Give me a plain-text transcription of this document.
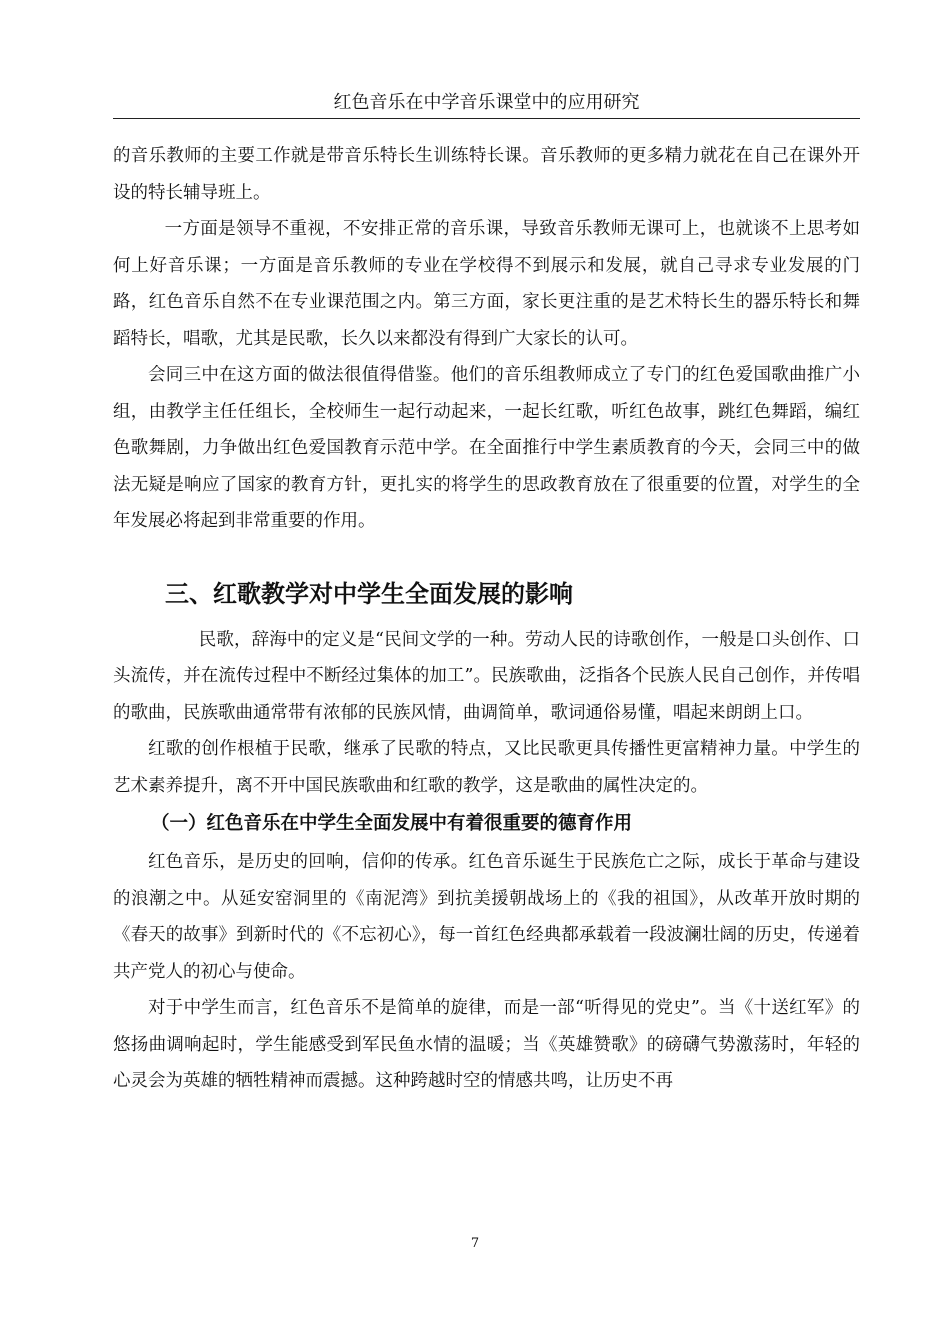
红色音乐在中学音乐课堂中的应用研究

的音乐教师的主要工作就是带音乐特长生训练特长课。音乐教师的更多精力就花在自己在课外开设的特长辅导班上。

一方面是领导不重视，不安排正常的音乐课，导致音乐教师无课可上，也就谈不上思考如何上好音乐课；一方面是音乐教师的专业在学校得不到展示和发展，就自己寻求专业发展的门路，红色音乐自然不在专业课范围之内。第三方面，家长更注重的是艺术特长生的器乐特长和舞蹈特长，唱歌，尤其是民歌，长久以来都没有得到广大家长的认可。

会同三中在这方面的做法很值得借鉴。他们的音乐组教师成立了专门的红色爱国歌曲推广小组，由教学主任任组长，全校师生一起行动起来，一起长红歌，听红色故事，跳红色舞蹈，编红色歌舞剧，力争做出红色爱国教育示范中学。在全面推行中学生素质教育的今天，会同三中的做法无疑是响应了国家的教育方针，更扎实的将学生的思政教育放在了很重要的位置，对学生的全年发展必将起到非常重要的作用。

三、红歌教学对中学生全面发展的影响

民歌，辞海中的定义是“民间文学的一种。劳动人民的诗歌创作，一般是口头创作、口头流传，并在流传过程中不断经过集体的加工”。民族歌曲，泛指各个民族人民自己创作，并传唱的歌曲，民族歌曲通常带有浓郁的民族风情，曲调简单，歌词通俗易懂，唱起来朗朗上口。

红歌的创作根植于民歌，继承了民歌的特点，又比民歌更具传播性更富精神力量。中学生的艺术素养提升，离不开中国民族歌曲和红歌的教学，这是歌曲的属性决定的。

（一）红色音乐在中学生全面发展中有着很重要的德育作用

红色音乐，是历史的回响，信仰的传承。红色音乐诞生于民族危亡之际，成长于革命与建设的浪潮之中。从延安窑洞里的《南泥湾》到抗美援朝战场上的《我的祖国》，从改革开放时期的《春天的故事》到新时代的《不忘初心》，每一首红色经典都承载着一段波澜壮阔的历史，传递着共产党人的初心与使命。

对于中学生而言，红色音乐不是简单的旋律，而是一部“听得见的党史”。当《十送红军》的悠扬曲调响起时，学生能感受到军民鱼水情的温暖；当《英雄赞歌》的磅礴气势激荡时，年轻的心灵会为英雄的牺牲精神而震撼。这种跨越时空的情感共鸣，让历史不再

7
